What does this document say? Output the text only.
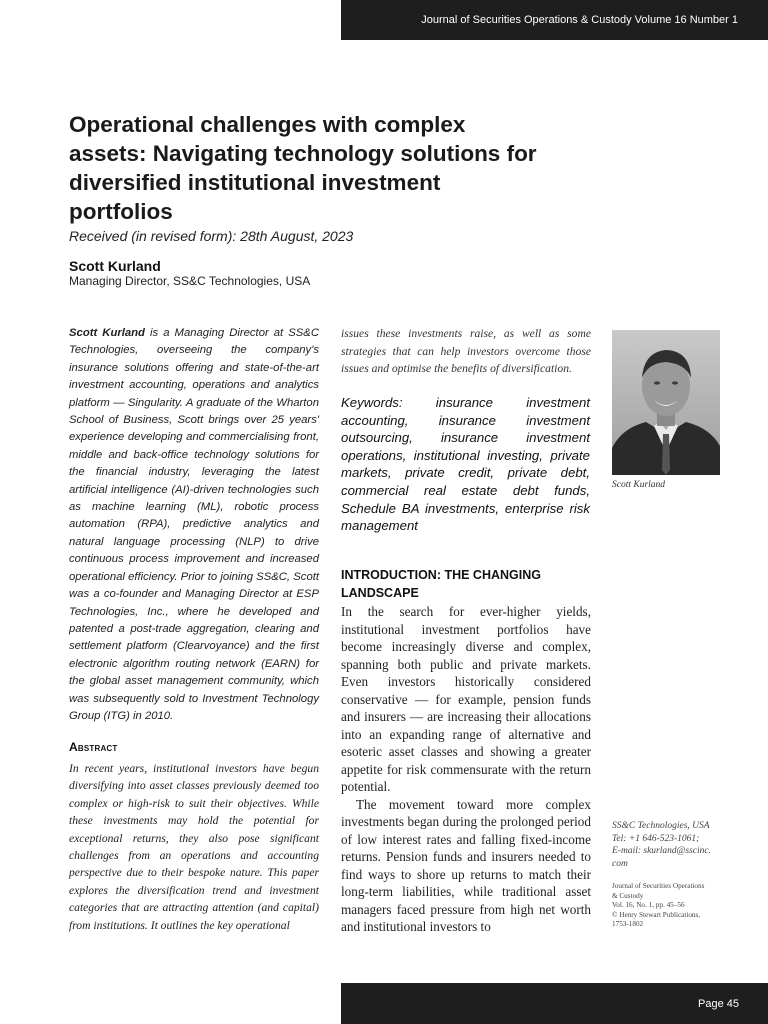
Journal of Securities Operations & Custody Volume 16 Number 1
Operational challenges with complex assets: Navigating technology solutions for diversified institutional investment portfolios
Received (in revised form): 28th August, 2023
Scott Kurland
Managing Director, SS&C Technologies, USA

Scott Kurland is a Managing Director at SS&C Technologies, overseeing the company's insurance solutions offering and state-of-the-art investment accounting, operations and analytics platform — Singularity. A graduate of the Wharton School of Business, Scott brings over 25 years' experience developing and commercialising front, middle and back-office technology solutions for the financial industry, leveraging the latest artificial intelligence (AI)-driven technologies such as machine learning (ML), robotic process automation (RPA), predictive analytics and natural language processing (NLP) to drive continuous process improvement and increased operational efficiency. Prior to joining SS&C, Scott was a co-founder and Managing Director at ESP Technologies, Inc., where he developed and patented a post-trade aggregation, clearing and settlement platform (Clearvoyance) and the first electronic algorithm routing network (EARN) for the global asset management community, which was subsequently sold to Investment Technology Group (ITG) in 2010.

Abstract

In recent years, institutional investors have begun diversifying into asset classes previously deemed too complex or high-risk to suit their objectives. While these investments may hold the potential for exceptional returns, they also pose significant challenges from an operations and accounting perspective due to their bespoke nature. This paper explores the diversification trend and investment categories that are attracting attention (and capital) from institutions. It outlines the key operational

issues these investments raise, as well as some strategies that can help investors overcome those issues and optimise the benefits of diversification.

Keywords: insurance investment accounting, insurance investment outsourcing, insurance investment operations, institutional investing, private markets, private credit, private debt, commercial real estate debt funds, Schedule BA investments, enterprise risk management

INTRODUCTION: THE CHANGING LANDSCAPE

In the search for ever-higher yields, institutional investment portfolios have become increasingly diverse and complex, spanning both public and private markets. Even investors historically considered conservative — for example, pension funds and insurers — are increasing their allocations into an expanding range of alternative and esoteric asset classes and showing a greater appetite for risk commensurate with the return potential.

The movement toward more complex investments began during the prolonged period of low interest rates and falling fixed-income returns. Pension funds and insurers needed to find ways to shore up returns to match their long-term liabilities, while traditional asset managers faced pressure from high net worth and institutional investors to

Scott Kurland
SS&C Technologies, USA
Tel: +1 646-523-1061;
E-mail: skurland@sscinc.
com
Journal of Securities Operations
& Custody
Vol. 16, No. 1, pp. 45–56
© Henry Stewart Publications,
1753-1802
Page 45
